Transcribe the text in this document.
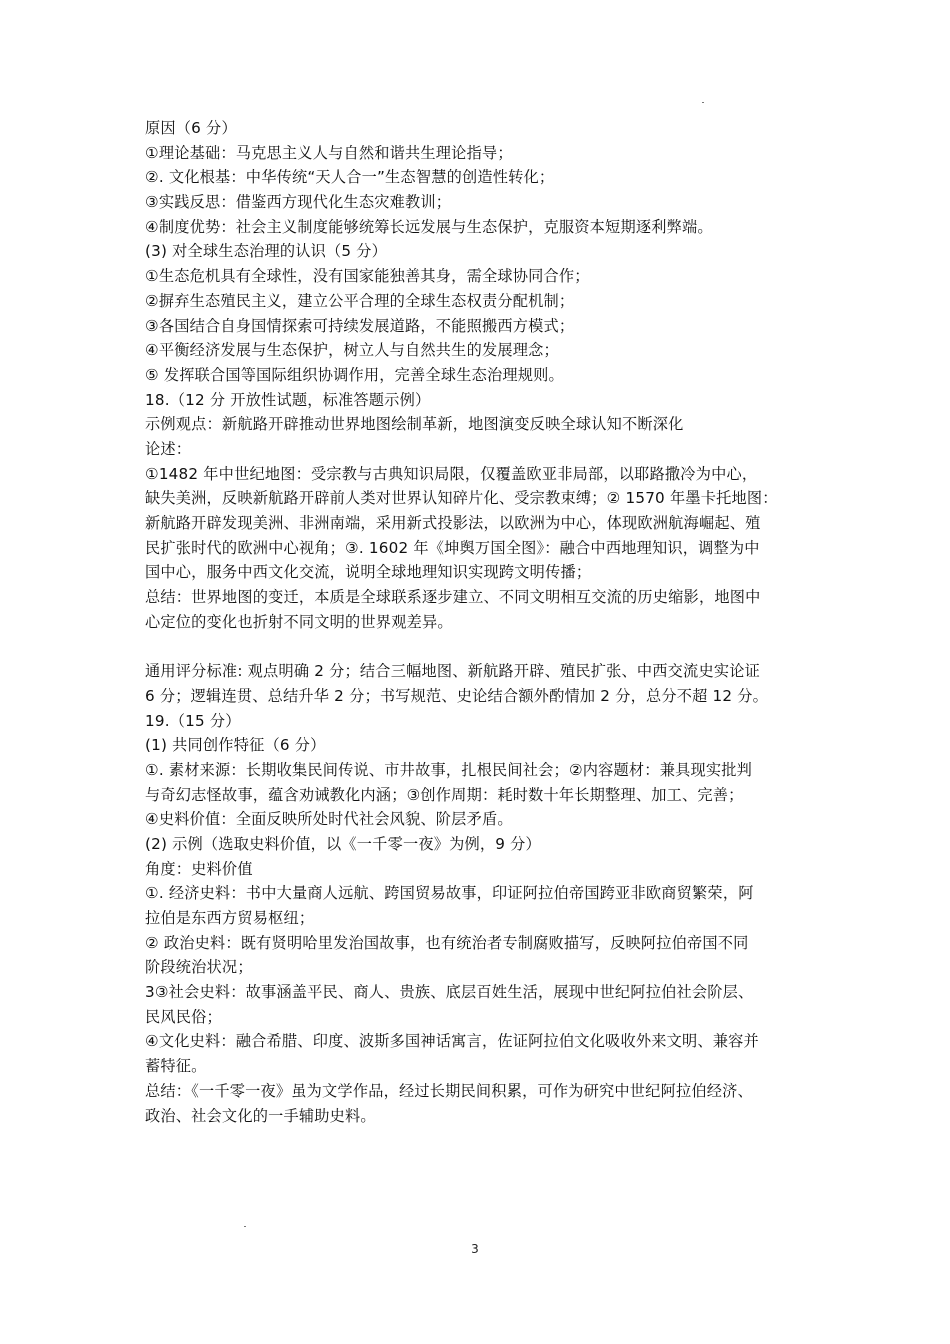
原因（6 分）
①理论基础：马克思主义人与自然和谐共生理论指导；
②. 文化根基：中华传统“天人合一”生态智慧的创造性转化；
③实践反思：借鉴西方现代化生态灾难教训；
④制度优势：社会主义制度能够统筹长远发展与生态保护，克服资本短期逐利弊端。
(3) 对全球生态治理的认识（5 分）
①生态危机具有全球性，没有国家能独善其身，需全球协同合作；
②摒弃生态殖民主义，建立公平合理的全球生态权责分配机制；
③各国结合自身国情探索可持续发展道路，不能照搬西方模式；
④平衡经济发展与生态保护，树立人与自然共生的发展理念；
⑤ 发挥联合国等国际组织协调作用，完善全球生态治理规则。
18.（12 分 开放性试题，标准答题示例）
示例观点：新航路开辟推动世界地图绘制革新，地图演变反映全球认知不断深化
论述：
①1482 年中世纪地图：受宗教与古典知识局限，仅覆盖欧亚非局部，以耶路撒冷为中心，
缺失美洲，反映新航路开辟前人类对世界认知碎片化、受宗教束缚；② 1570 年墨卡托地图：
新航路开辟发现美洲、非洲南端，采用新式投影法，以欧洲为中心，体现欧洲航海崛起、殖
民扩张时代的欧洲中心视角；③. 1602 年《坤舆万国全图》：融合中西地理知识，调整为中
国中心，服务中西文化交流，说明全球地理知识实现跨文明传播；
总结：世界地图的变迁，本质是全球联系逐步建立、不同文明相互交流的历史缩影，地图中
心定位的变化也折射不同文明的世界观差异。
通用评分标准: 观点明确 2 分；结合三幅地图、新航路开辟、殖民扩张、中西交流史实论证
6 分；逻辑连贯、总结升华 2 分；书写规范、史论结合额外酌情加 2 分，总分不超 12 分。
19.（15 分）
(1) 共同创作特征（6 分）
①. 素材来源：长期收集民间传说、市井故事，扎根民间社会；②内容题材：兼具现实批判
与奇幻志怪故事，蕴含劝诫教化内涵；③创作周期：耗时数十年长期整理、加工、完善；
④史料价值：全面反映所处时代社会风貌、阶层矛盾。
(2) 示例（选取史料价值，以《一千零一夜》为例，9 分）
角度：史料价值
①. 经济史料：书中大量商人远航、跨国贸易故事，印证阿拉伯帝国跨亚非欧商贸繁荣，阿
拉伯是东西方贸易枢纽；
② 政治史料：既有贤明哈里发治国故事，也有统治者专制腐败描写，反映阿拉伯帝国不同
阶段统治状况；
3③社会史料：故事涵盖平民、商人、贵族、底层百姓生活，展现中世纪阿拉伯社会阶层、
民风民俗；
④文化史料：融合希腊、印度、波斯多国神话寓言，佐证阿拉伯文化吸收外来文明、兼容并
蓄特征。
总结：《一千零一夜》虽为文学作品，经过长期民间积累，可作为研究中世纪阿拉伯经济、
政治、社会文化的一手辅助史料。
3
